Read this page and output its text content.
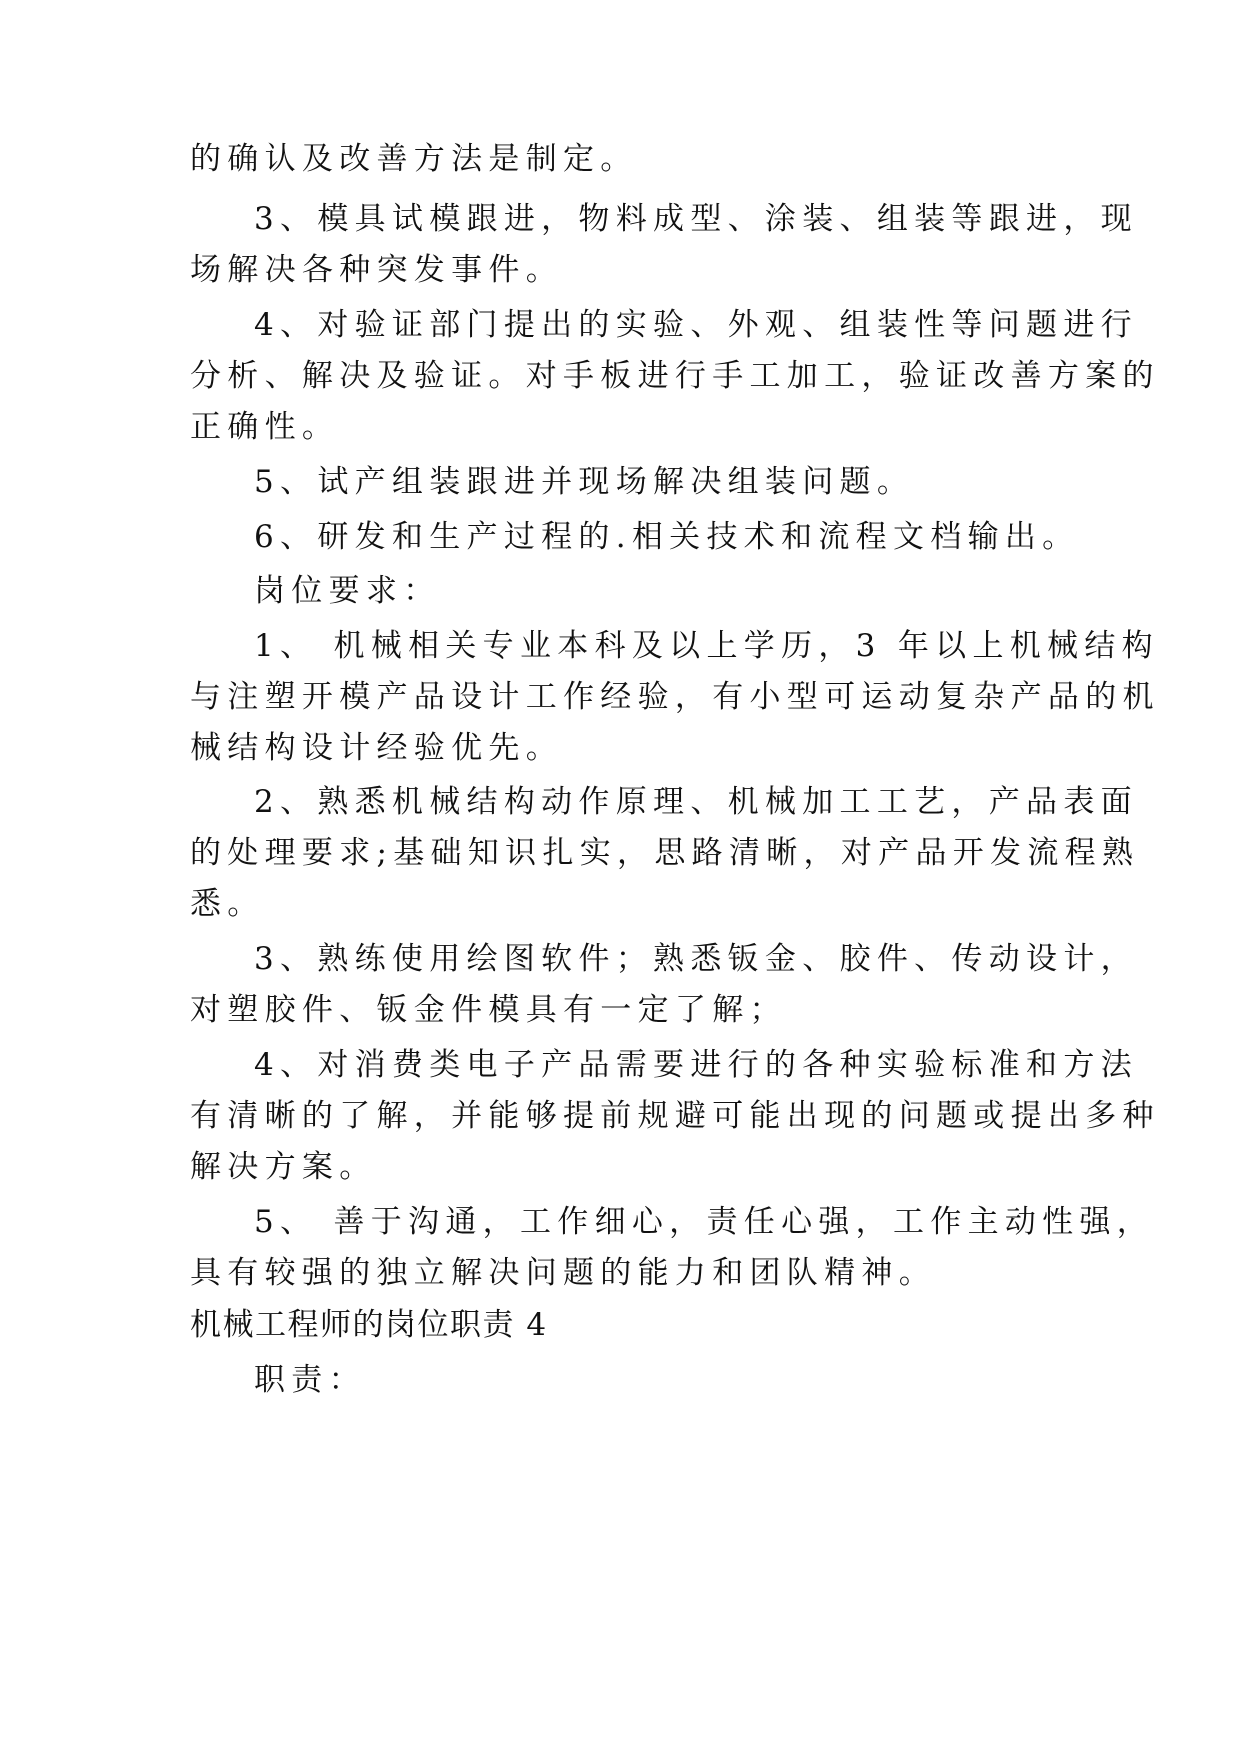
的确认及改善方法是制定。
3、模具试模跟进，物料成型、涂装、组装等跟进，现
场解决各种突发事件。
4、对验证部门提出的实验、外观、组装性等问题进行
分析、解决及验证。对手板进行手工加工，验证改善方案的
正确性。
5、试产组装跟进并现场解决组装问题。
6、研发和生产过程的.相关技术和流程文档输出。
岗位要求：
1、 机械相关专业本科及以上学历，3 年以上机械结构
与注塑开模产品设计工作经验，有小型可运动复杂产品的机
械结构设计经验优先。
2、熟悉机械结构动作原理、机械加工工艺，产品表面
的处理要求;基础知识扎实，思路清晰，对产品开发流程熟
悉。
3、熟练使用绘图软件；熟悉钣金、胶件、传动设计，
对塑胶件、钣金件模具有一定了解；
4、对消费类电子产品需要进行的各种实验标准和方法
有清晰的了解，并能够提前规避可能出现的问题或提出多种
解决方案。
5、 善于沟通，工作细心，责任心强，工作主动性强，
具有较强的独立解决问题的能力和团队精神。
机械工程师的岗位职责 4
职责：
